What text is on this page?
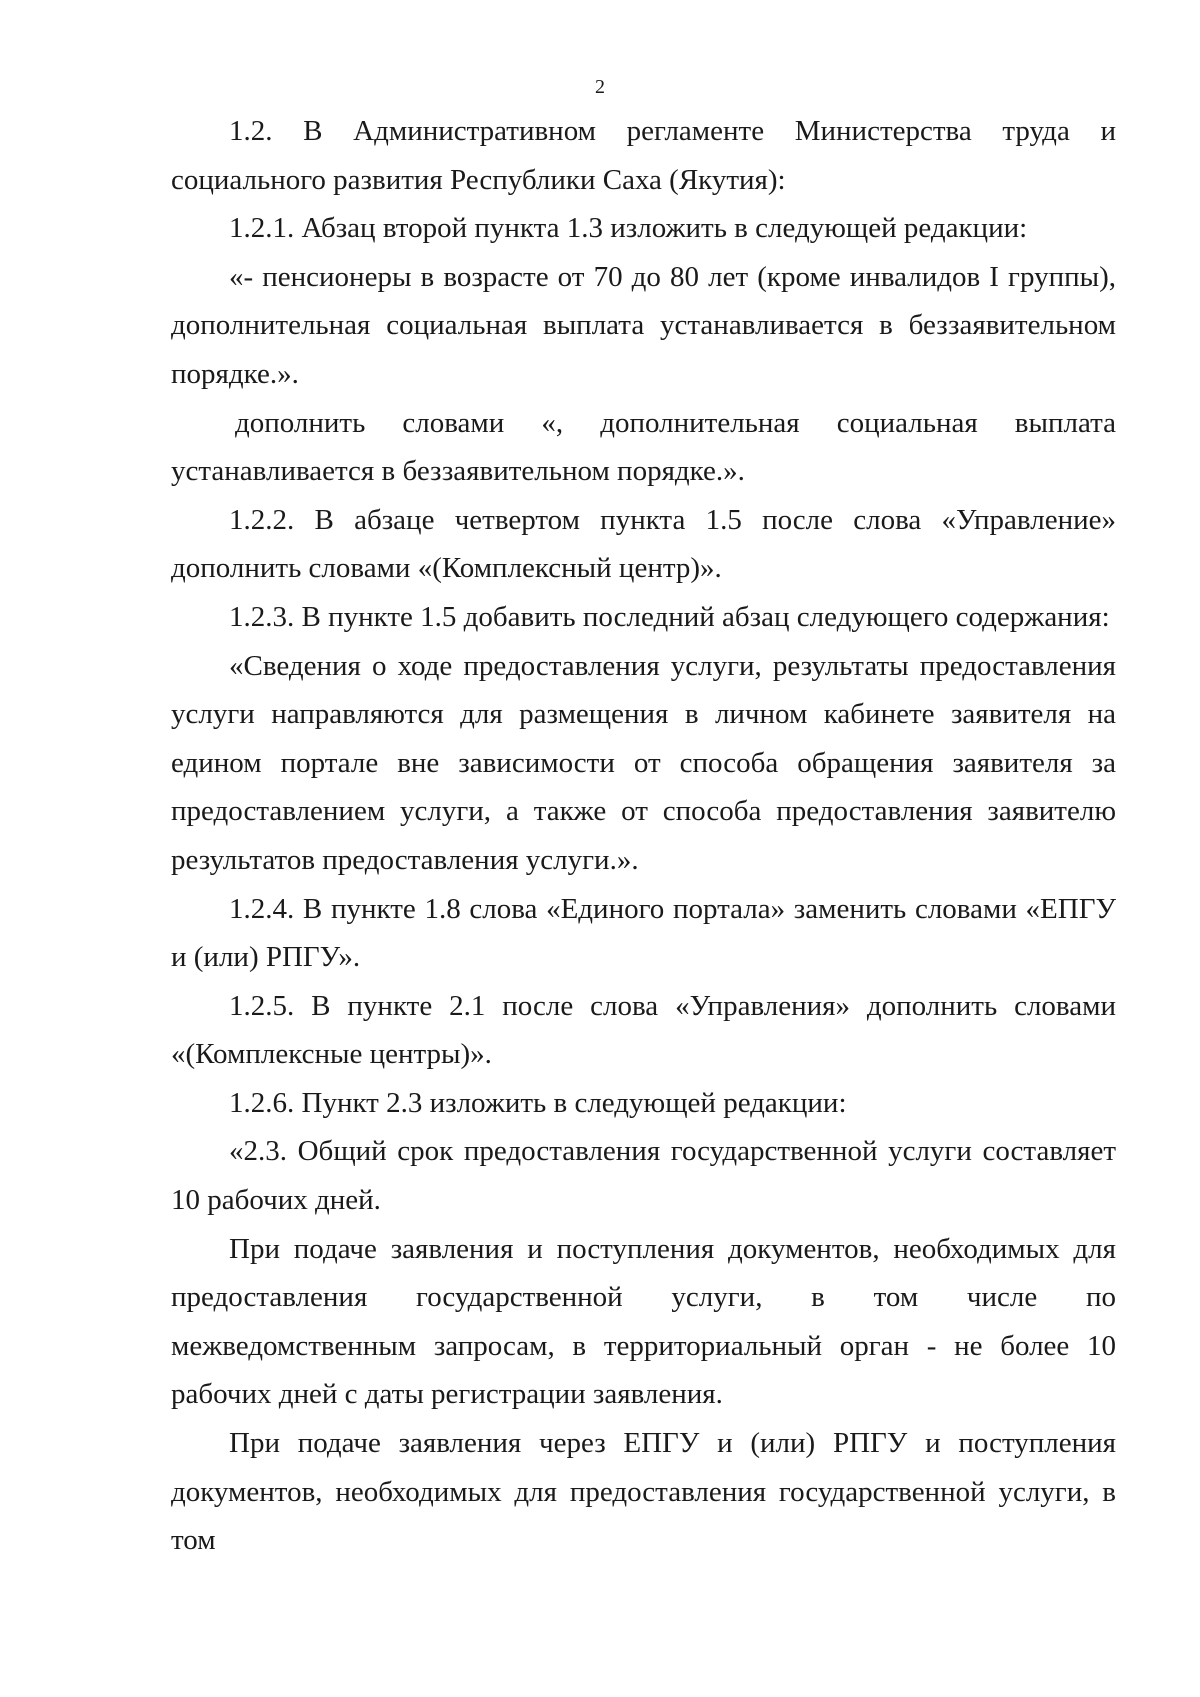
2

1.2. В Административном регламенте Министерства труда и социального развития Республики Саха (Якутия):

1.2.1. Абзац второй пункта 1.3 изложить в следующей редакции:

«- пенсионеры в возрасте от 70 до 80 лет (кроме инвалидов I группы), дополнительная социальная выплата устанавливается в беззаявительном порядке.».

дополнить словами «, дополнительная социальная выплата устанавливается в беззаявительном порядке.».

1.2.2. В абзаце четвертом пункта 1.5 после слова «Управление» дополнить словами «(Комплексный центр)».

1.2.3. В пункте 1.5 добавить последний абзац следующего содержания:

«Сведения о ходе предоставления услуги, результаты предоставления услуги направляются для размещения в личном кабинете заявителя на едином портале вне зависимости от способа обращения заявителя за предоставлением услуги, а также от способа предоставления заявителю результатов предоставления услуги.».

1.2.4. В пункте 1.8 слова «Единого портала» заменить словами «ЕПГУ и (или) РПГУ».

1.2.5. В пункте 2.1 после слова «Управления» дополнить словами «(Комплексные центры)».

1.2.6. Пункт 2.3 изложить в следующей редакции:

«2.3. Общий срок предоставления государственной услуги составляет 10 рабочих дней.

При подаче заявления и поступления документов, необходимых для предоставления государственной услуги, в том числе по межведомственным запросам, в территориальный орган - не более 10 рабочих дней с даты регистрации заявления.

При подаче заявления через ЕПГУ и (или) РПГУ и поступления документов, необходимых для предоставления государственной услуги, в том
